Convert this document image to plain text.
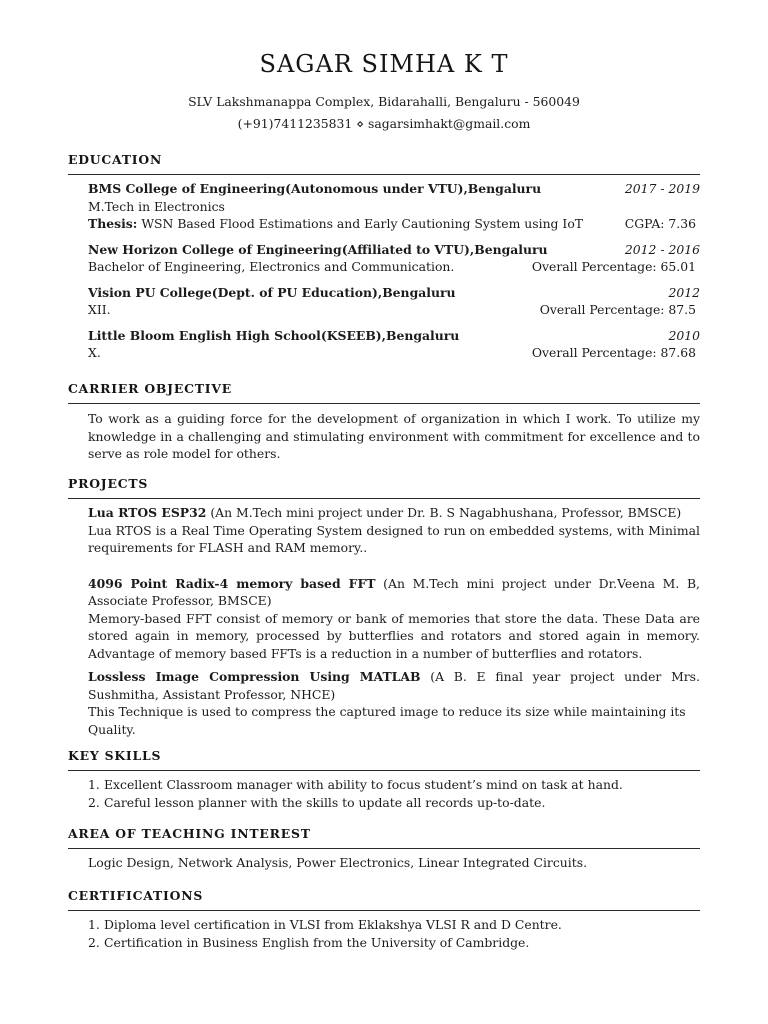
SAGAR SIMHA K T
SLV Lakshmanappa Complex, Bidarahalli, Bengaluru - 560049
(+91)7411235831 ⋄ sagarsimhakt@gmail.com
EDUCATION
BMS College of Engineering(Autonomous under VTU),Bengaluru	2017 - 2019
M.Tech in Electronics
Thesis: WSN Based Flood Estimations and Early Cautioning System using IoT	CGPA: 7.36
New Horizon College of Engineering(Affiliated to VTU),Bengaluru	2012 - 2016
Bachelor of Engineering, Electronics and Communication.	Overall Percentage: 65.01
Vision PU College(Dept. of PU Education),Bengaluru	2012
XII.	Overall Percentage: 87.5
Little Bloom English High School(KSEEB),Bengaluru	2010
X.	Overall Percentage: 87.68
CARRIER OBJECTIVE
To work as a guiding force for the development of organization in which I work. To utilize my knowledge in a challenging and stimulating environment with commitment for excellence and to serve as role model for others.
PROJECTS
Lua RTOS ESP32 (An M.Tech mini project under Dr. B. S Nagabhushana, Professor, BMSCE)
Lua RTOS is a Real Time Operating System designed to run on embedded systems, with Minimal requirements for FLASH and RAM memory..
4096 Point Radix-4 memory based FFT (An M.Tech mini project under Dr.Veena M. B, Associate Professor, BMSCE)
Memory-based FFT consist of memory or bank of memories that store the data. These Data are stored again in memory, processed by butterflies and rotators and stored again in memory. Advantage of memory based FFTs is a reduction in a number of butterflies and rotators.
Lossless Image Compression Using MATLAB (A B. E final year project under Mrs. Sushmitha, Assistant Professor, NHCE)
This Technique is used to compress the captured image to reduce its size while maintaining its Quality.
KEY SKILLS
1. Excellent Classroom manager with ability to focus student’s mind on task at hand.
2. Careful lesson planner with the skills to update all records up-to-date.
AREA OF TEACHING INTEREST
Logic Design, Network Analysis, Power Electronics, Linear Integrated Circuits.
CERTIFICATIONS
1. Diploma level certification in VLSI from Eklakshya VLSI R and D Centre.
2. Certification in Business English from the University of Cambridge.
